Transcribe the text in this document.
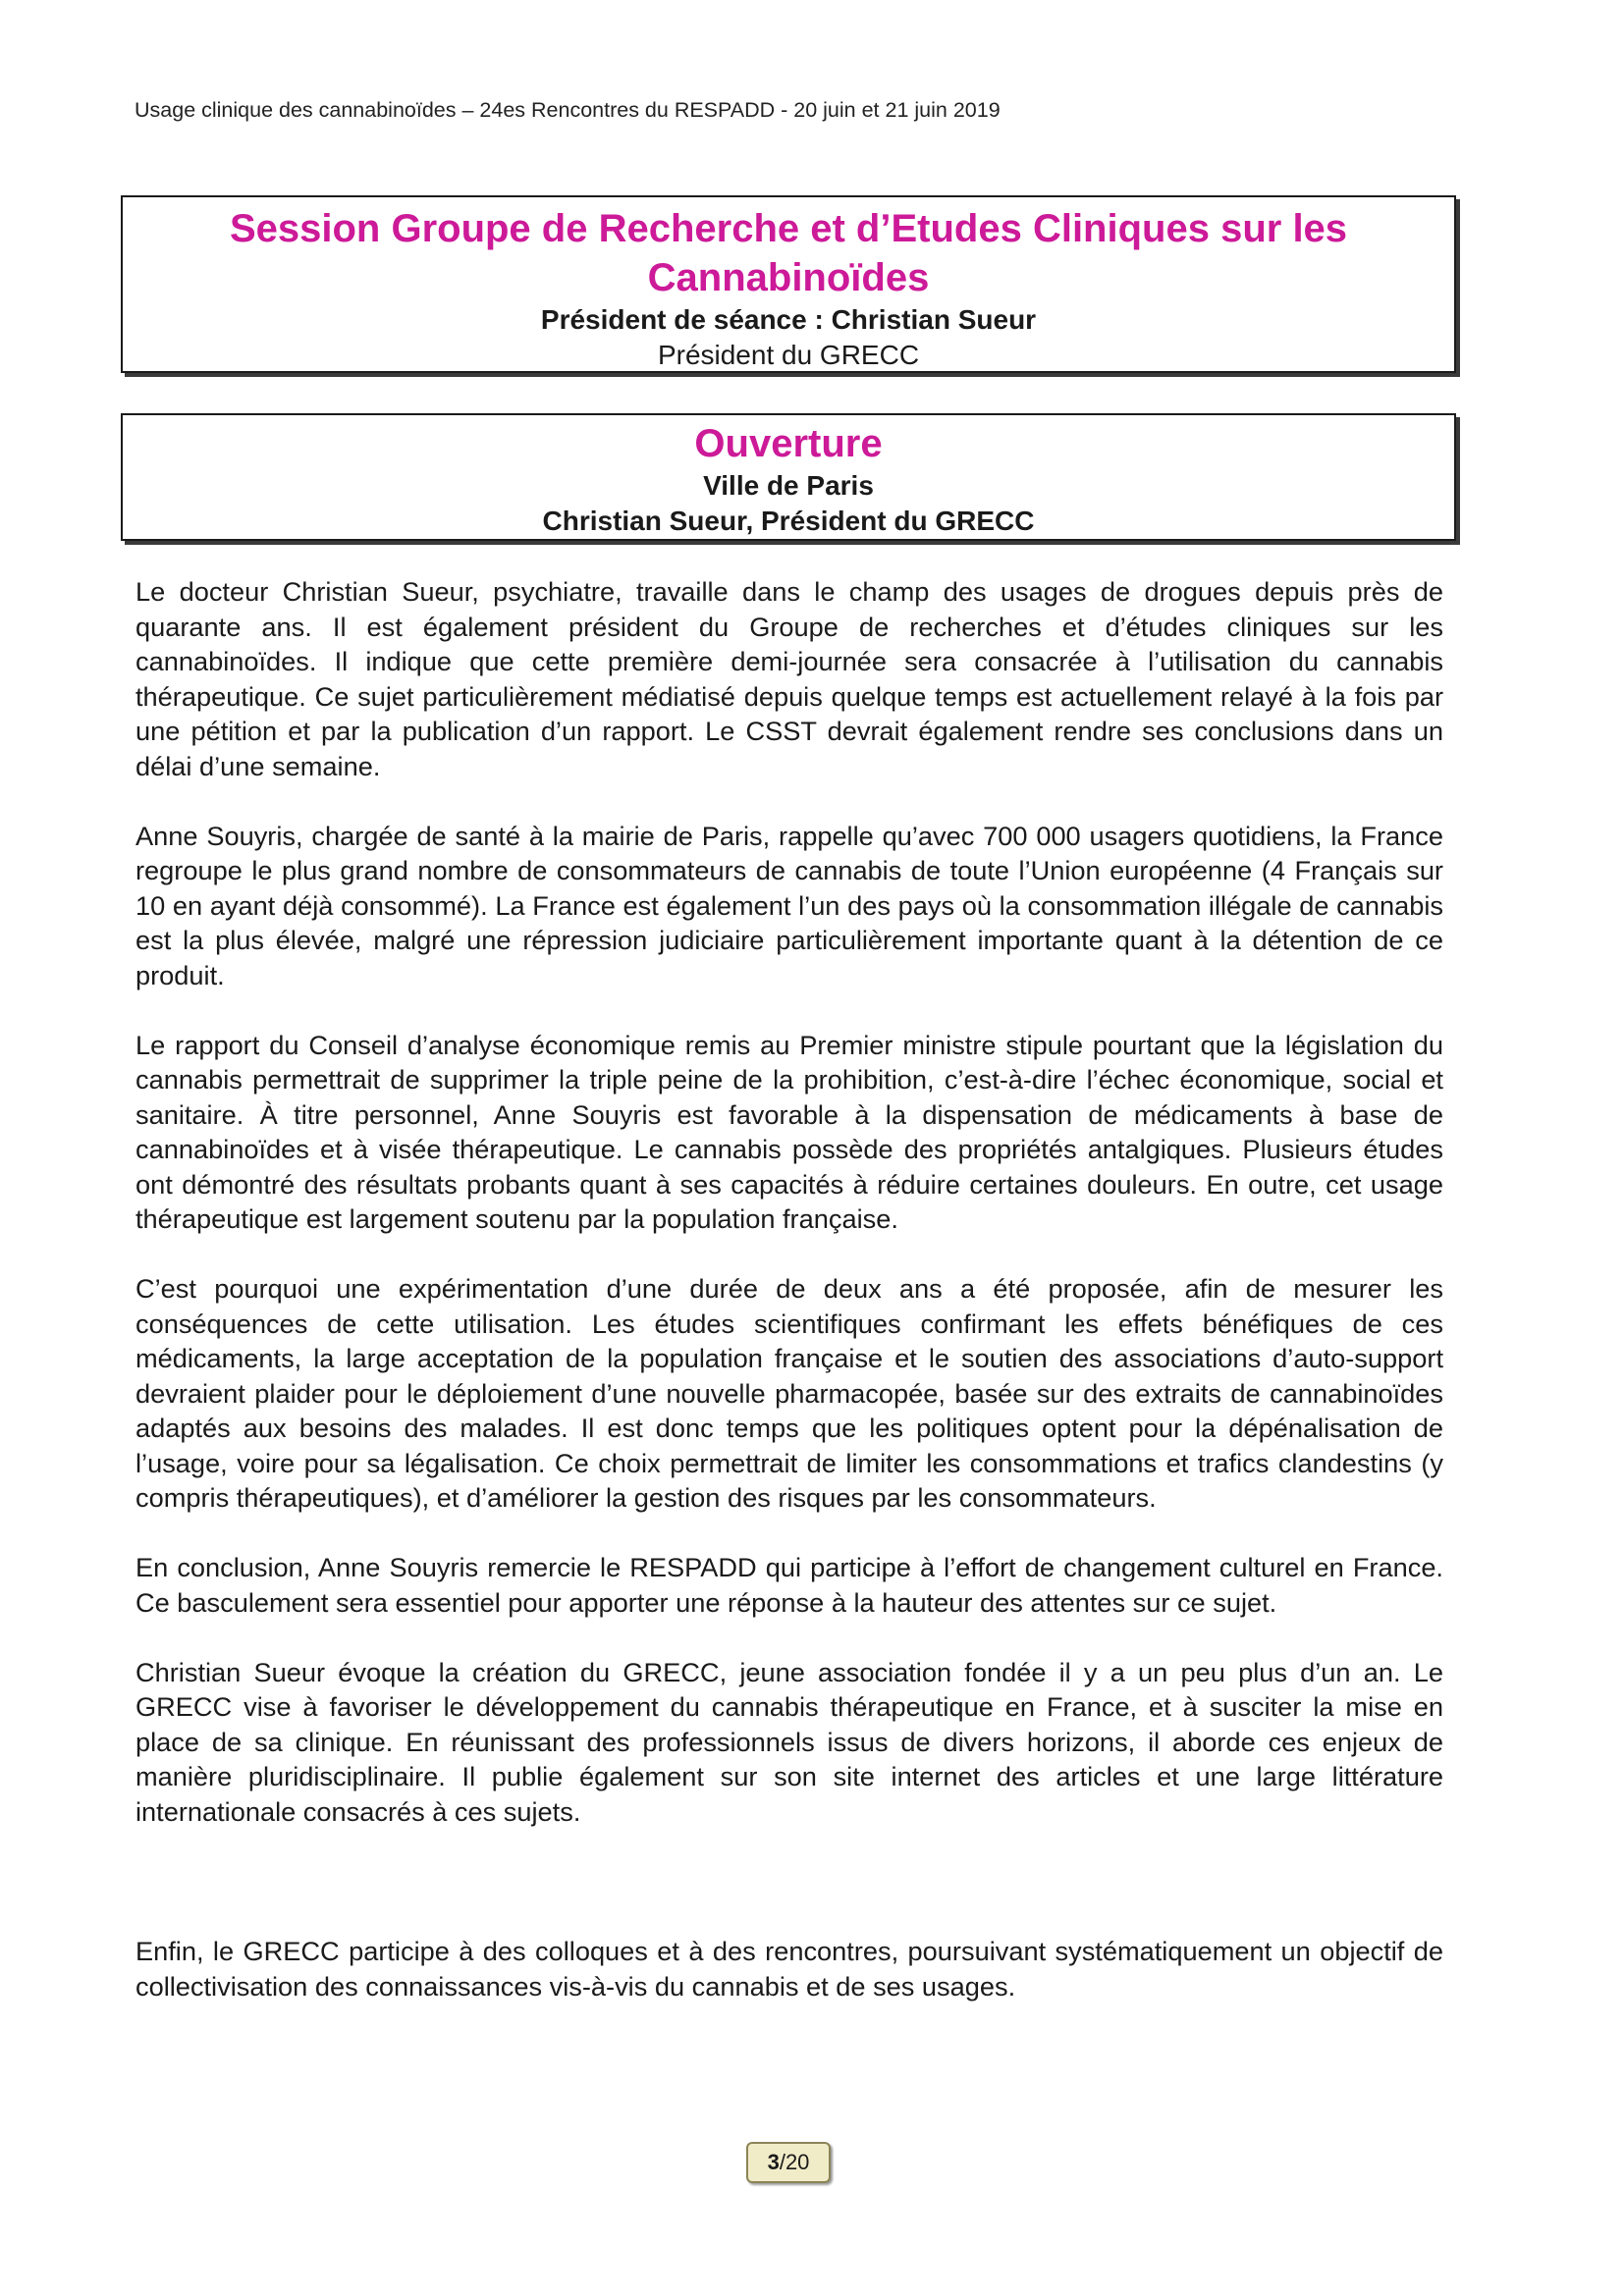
Usage clinique des cannabinoïdes – 24es Rencontres du RESPADD - 20 juin et 21 juin 2019
Session Groupe de Recherche et d’Etudes Cliniques sur les
Cannabinoïdes
Président de séance : Christian Sueur
Président du GRECC
Ouverture
Ville de Paris
Christian Sueur, Président du GRECC

Le docteur Christian Sueur, psychiatre, travaille dans le champ des usages de drogues depuis près de quarante ans. Il est également président du Groupe de recherches et d’études cliniques sur les cannabinoïdes. Il indique que cette première demi-journée sera consacrée à l’utilisation du cannabis thérapeutique. Ce sujet particulièrement médiatisé depuis quelque temps est actuellement relayé à la fois par une pétition et par la publication d’un rapport. Le CSST devrait également rendre ses conclusions dans un délai d’une semaine.

Anne Souyris, chargée de santé à la mairie de Paris, rappelle qu’avec 700 000 usagers quotidiens, la France regroupe le plus grand nombre de consommateurs de cannabis de toute l’Union européenne (4 Français sur 10 en ayant déjà consommé). La France est également l’un des pays où la consommation illégale de cannabis est la plus élevée, malgré une répression judiciaire particulièrement importante quant à la détention de ce produit.

Le rapport du Conseil d’analyse économique remis au Premier ministre stipule pourtant que la législation du cannabis permettrait de supprimer la triple peine de la prohibition, c’est-à-dire l’échec économique, social et sanitaire. À titre personnel, Anne Souyris est favorable à la dispensation de médicaments à base de cannabinoïdes et à visée thérapeutique. Le cannabis possède des propriétés antalgiques. Plusieurs études ont démontré des résultats probants quant à ses capacités à réduire certaines douleurs. En outre, cet usage thérapeutique est largement soutenu par la population française.

C’est pourquoi une expérimentation d’une durée de deux ans a été proposée, afin de mesurer les conséquences de cette utilisation. Les études scientifiques confirmant les effets bénéfiques de ces médicaments, la large acceptation de la population française et le soutien des associations d’auto-support devraient plaider pour le déploiement d’une nouvelle pharmacopée, basée sur des extraits de cannabinoïdes adaptés aux besoins des malades. Il est donc temps que les politiques optent pour la dépénalisation de l’usage, voire pour sa légalisation. Ce choix permettrait de limiter les consommations et trafics clandestins (y compris thérapeutiques), et d’améliorer la gestion des risques par les consommateurs.

En conclusion, Anne Souyris remercie le RESPADD qui participe à l’effort de changement culturel en France. Ce basculement sera essentiel pour apporter une réponse à la hauteur des attentes sur ce sujet.

Christian Sueur évoque la création du GRECC, jeune association fondée il y a un peu plus d’un an. Le GRECC vise à favoriser le développement du cannabis thérapeutique en France, et à susciter la mise en place de sa clinique. En réunissant des professionnels issus de divers horizons, il aborde ces enjeux de manière pluridisciplinaire. Il publie également sur son site internet des articles et une large littérature internationale consacrés à ces sujets.

Enfin, le GRECC participe à des colloques et à des rencontres, poursuivant systématiquement un objectif de collectivisation des connaissances vis-à-vis du cannabis et de ses usages.

3/20
